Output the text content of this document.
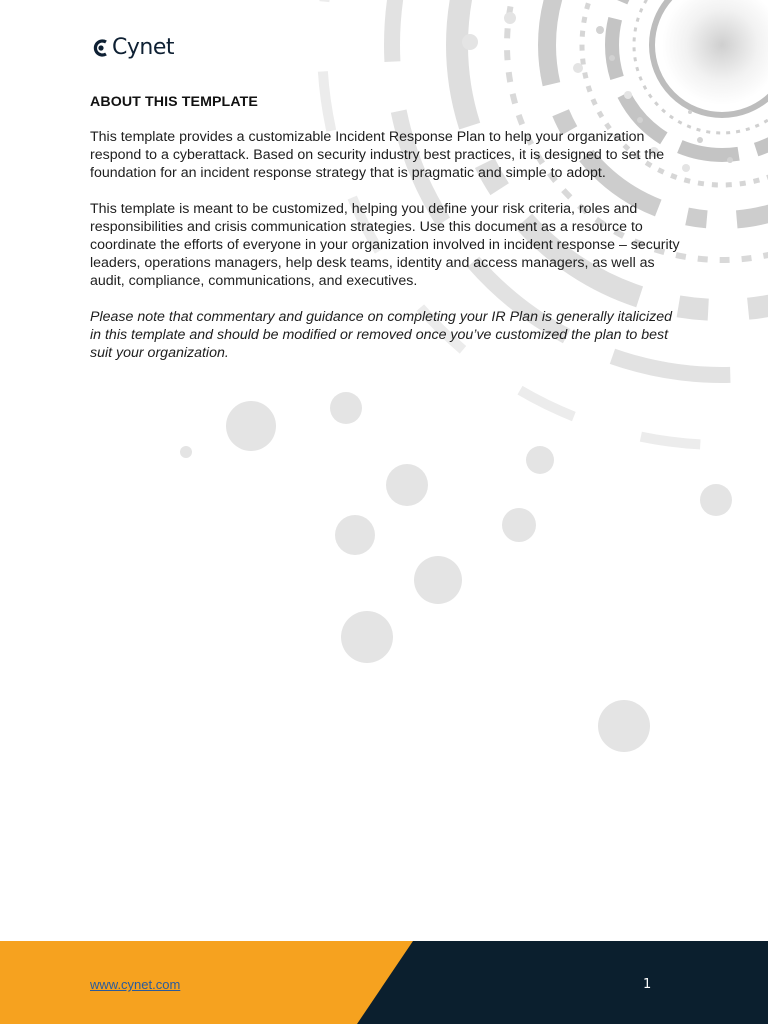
Cynet
ABOUT THIS TEMPLATE

This template provides a customizable Incident Response Plan to help your organization respond to a cyberattack. Based on security industry best practices, it is designed to set the foundation for an incident response strategy that is pragmatic and simple to adopt.

This template is meant to be customized, helping you define your risk criteria, roles and responsibilities and crisis communication strategies. Use this document as a resource to coordinate the efforts of everyone in your organization involved in incident response – security leaders, operations managers, help desk teams, identity and access managers, as well as audit, compliance, communications, and executives.

Please note that commentary and guidance on completing your IR Plan is generally italicized in this template and should be modified or removed once you’ve customized the plan to best suit your organization.

www.cynet.com	1
